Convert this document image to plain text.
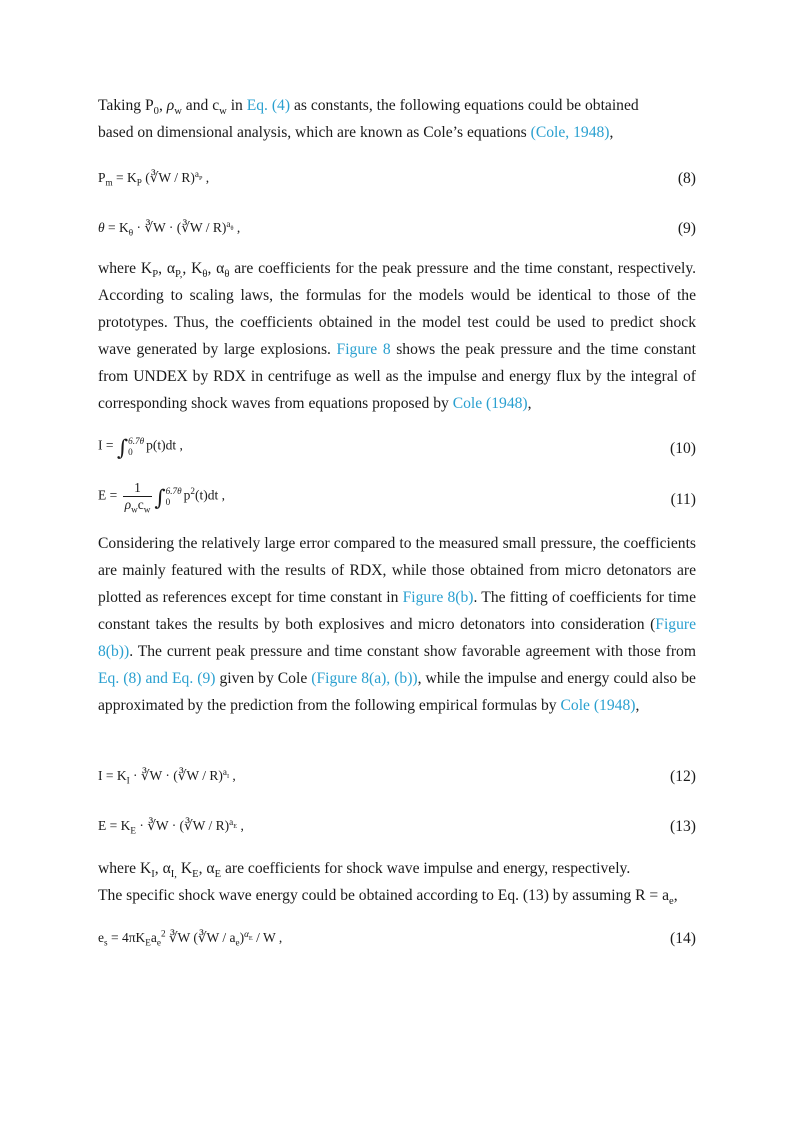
Taking $P_0$, $\rho_w$ and $c_w$ in Eq. (4) as constants, the following equations could be obtained
based on dimensional analysis, which are known as Cole’s equations (Cole, 1948),

$P_m = K_P$ (∛W / R)$^{a_P}$ ,	(8)
$\theta = K_\theta$ · ∛W · (∛W / R)$^{a_\theta}$ ,	(9)

where $K_P$, $\alpha_{P,}$, $K_\theta$, $\alpha_\theta$ are coefficients for the peak pressure and the time constant, respectively. According to scaling laws, the formulas for the models would be identical to those of the prototypes. Thus, the coefficients obtained in the model test could be used to predict shock wave generated by large explosions. Figure 8 shows the peak pressure and the time constant from UNDEX by RDX in centrifuge as well as the impulse and energy flux by the integral of corresponding shock waves from equations proposed by Cole (1948),

I = ∫ 6.7θ
0 p(t)dt ,	(10)
$E = \frac{1}{\rho_wc_w}$ ∫ 6.7θ
0 $p^2(t)dt$ ,	(11)

Considering the relatively large error compared to the measured small pressure, the coefficients are mainly featured with the results of RDX, while those obtained from micro detonators are plotted as references except for time constant in Figure 8(b). The fitting of coefficients for time constant takes the results by both explosives and micro detonators into consideration (Figure 8(b)). The current peak pressure and time constant show favorable agreement with those from Eq. (8) and Eq. (9) given by Cole (Figure 8(a), (b)), while the impulse and energy could also be approximated by the prediction from the following empirical formulas by Cole (1948),

$I = K_I$ · ∛W · (∛W / R)$^{a_I}$ ,	(12)
$E = K_E$ · ∛W · (∛W / R)$^{a_E}$ ,	(13)

where $K_I$, $\alpha_{I,}$ $K_E$, $\alpha_E$ are coefficients for shock wave impulse and energy, respectively.
The specific shock wave energy could be obtained according to Eq. (13) by assuming $R = a_e$,

$e_s = 4\pi K_Ea_e^2$ ∛W (∛W / $a_e)^{\alpha_E}$ / W ,	(14)
